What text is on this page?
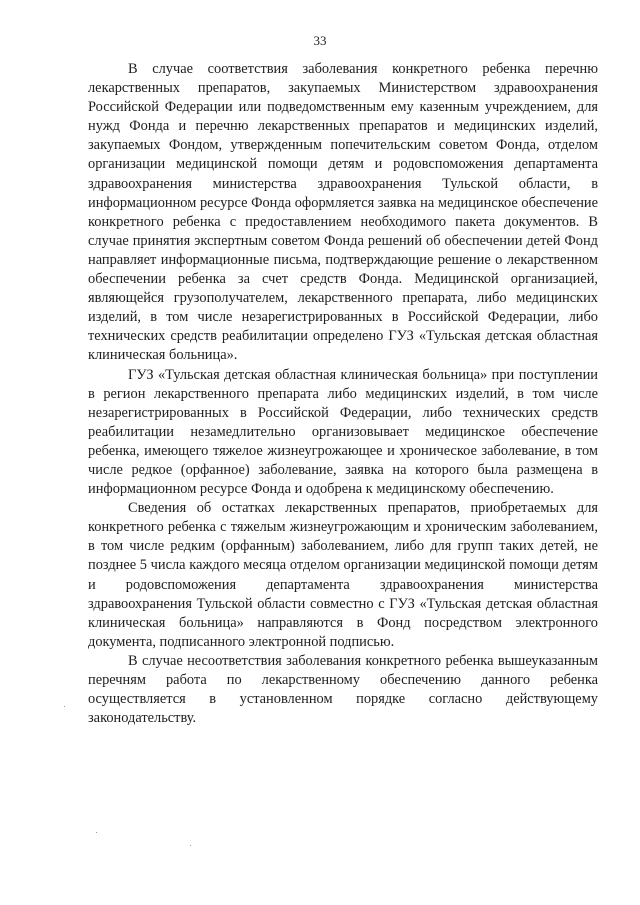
33

В случае соответствия заболевания конкретного ребенка перечню лекарственных препаратов, закупаемых Министерством здравоохранения Российской Федерации или подведомственным ему казенным учреждением, для нужд Фонда и перечню лекарственных препаратов и медицинских изделий, закупаемых Фондом, утвержденным попечительским советом Фонда, отделом организации медицинской помощи детям и родовспоможения департамента здравоохранения министерства здравоохранения Тульской области, в информационном ресурсе Фонда оформляется заявка на медицинское обеспечение конкретного ребенка с предоставлением необходимого пакета документов. В случае принятия экспертным советом Фонда решений об обеспечении детей Фонд направляет информационные письма, подтверждающие решение о лекарственном обеспечении ребенка за счет средств Фонда. Медицинской организацией, являющейся грузополучателем, лекарственного препарата, либо медицинских изделий, в том числе незарегистрированных в Российской Федерации, либо технических средств реабилитации определено ГУЗ «Тульская детская областная клиническая больница».

ГУЗ «Тульская детская областная клиническая больница» при поступлении в регион лекарственного препарата либо медицинских изделий, в том числе незарегистрированных в Российской Федерации, либо технических средств реабилитации незамедлительно организовывает медицинское обеспечение ребенка, имеющего тяжелое жизнеугрожающее и хроническое заболевание, в том числе редкое (орфанное) заболевание, заявка на которого была размещена в информационном ресурсе Фонда и одобрена к медицинскому обеспечению.

Сведения об остатках лекарственных препаратов, приобретаемых для конкретного ребенка с тяжелым жизнеугрожающим и хроническим заболеванием, в том числе редким (орфанным) заболеванием, либо для групп таких детей, не позднее 5 числа каждого месяца отделом организации медицинской помощи детям и родовспоможения департамента здравоохранения министерства здравоохранения Тульской области совместно с ГУЗ «Тульская детская областная клиническая больница» направляются в Фонд посредством электронного документа, подписанного электронной подписью.

В случае несоответствия заболевания конкретного ребенка вышеуказанным перечням работа по лекарственному обеспечению данного ребенка осуществляется в установленном порядке согласно действующему законодательству.
